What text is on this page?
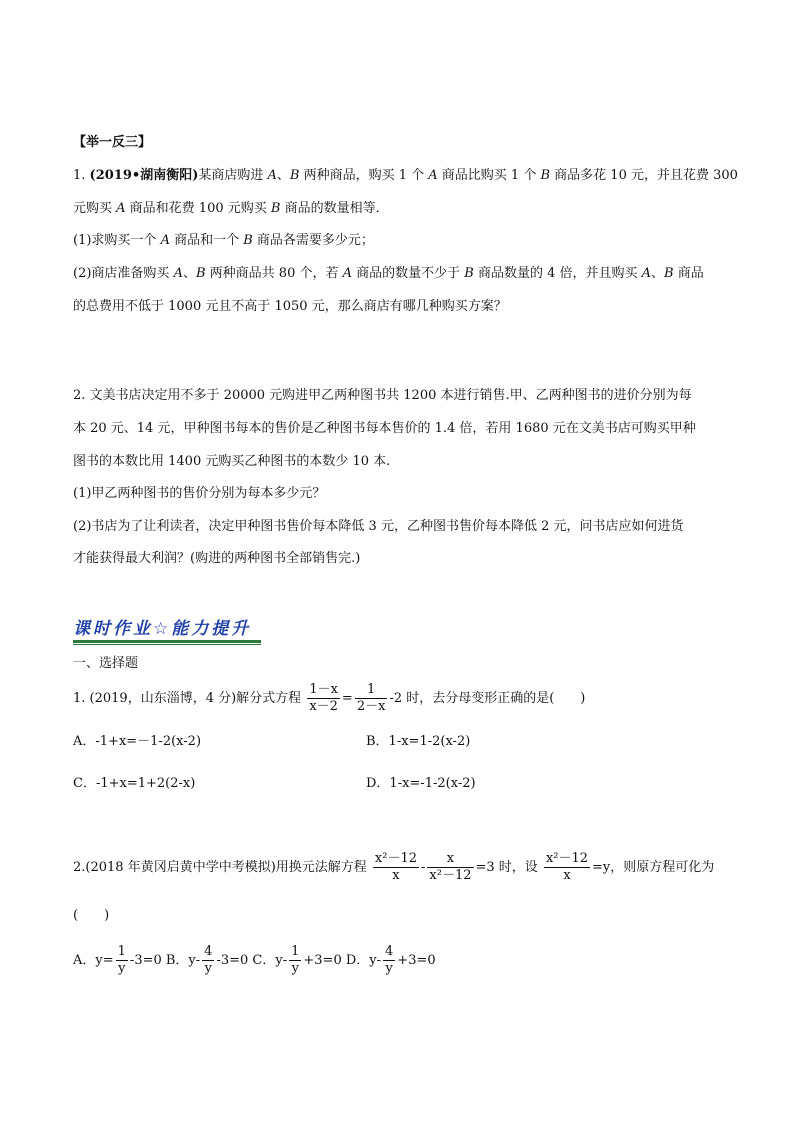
【举一反三】
1. (2019•湖南衡阳)某商店购进 A、B 两种商品，购买 1 个 A 商品比购买 1 个 B 商品多花 10 元，并且花费 300
元购买 A 商品和花费 100 元购买 B 商品的数量相等．
(1)求购买一个 A 商品和一个 B 商品各需要多少元；
(2)商店准备购买 A、B 两种商品共 80 个，若 A 商品的数量不少于 B 商品数量的 4 倍，并且购买 A、B 商品
的总费用不低于 1000 元且不高于 1050 元，那么商店有哪几种购买方案？
2. 文美书店决定用不多于 20000 元购进甲乙两种图书共 1200 本进行销售.甲、乙两种图书的进价分别为每
本 20 元、14 元，甲种图书每本的售价是乙种图书每本售价的 1.4 倍，若用 1680 元在文美书店可购买甲种
图书的本数比用 1400 元购买乙种图书的本数少 10 本.
(1)甲乙两种图书的售价分别为每本多少元？
(2)书店为了让利读者，决定甲种图书售价每本降低 3 元，乙种图书售价每本降低 2 元，问书店应如何进货
才能获得最大利润？(购进的两种图书全部销售完.)
课时作业☆能力提升
一、选择题
1. (2019，山东淄博，4 分)解分式方程 $\frac{1-x}{x-2} = \frac{1}{2-x} -2$ 时，去分母变形正确的是(　　)
A．-1+x=－1-2(x-2)	B．1-x=1-2(x-2)
C．-1+x=1+2(2-x)	D．1-x=-1-2(x-2)
2.(2018 年黄冈启黄中学中考模拟)用换元法解方程 $\frac{\text{x²－12}}{x} - \frac{x}{\text{x²－12}} =3$ 时，设 $\frac{\text{x²－12}}{x} =y$，则原方程可化为
(　　)
A．$y= \frac{1}{y} -3=0$ B．$y- \frac{4}{y} -3=0$ C．$y- \frac{1}{y} +3=0$ D．$y- \frac{4}{y} +3=0$
